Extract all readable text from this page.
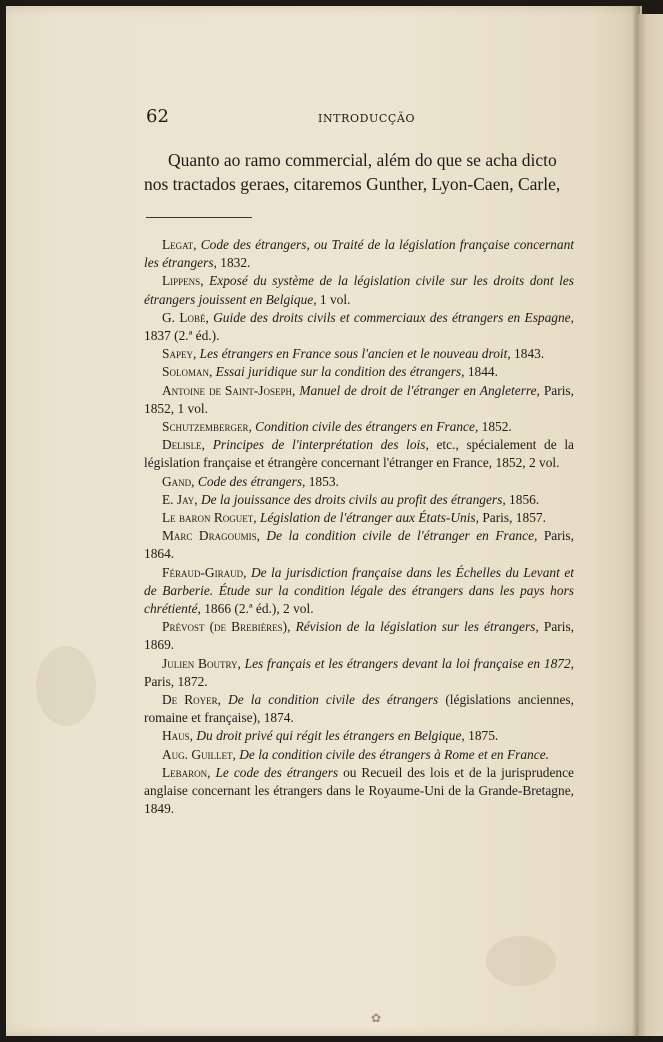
62	INTRODUCÇÃO

Quanto ao ramo commercial, além do que se acha dicto
nos tractados geraes, citaremos Gunther, Lyon-Caen, Carle,

Legat, Code des étrangers, ou Traité de la législation française concernant les étrangers, 1832.
Lippens, Exposé du système de la législation civile sur les droits dont les étrangers jouissent en Belgique, 1 vol.
G. Lobé, Guide des droits civils et commerciaux des étrangers en Espagne, 1837 (2.ª éd.).
Sapey, Les étrangers en France sous l'ancien et le nouveau droit, 1843.
Soloman, Essai juridique sur la condition des étrangers, 1844.
Antoine de Saint-Joseph, Manuel de droit de l'étranger en Angleterre, Paris, 1852, 1 vol.
Schutzemberger, Condition civile des étrangers en France, 1852.
Delisle, Principes de l'interprétation des lois, etc., spécialement de la législation française et étrangère concernant l'étranger en France, 1852, 2 vol.
Gand, Code des étrangers, 1853.
E. Jay, De la jouissance des droits civils au profit des étrangers, 1856.
Le baron Roguet, Législation de l'étranger aux États-Unis, Paris, 1857.
Marc Dragoumis, De la condition civile de l'étranger en France, Paris, 1864.
Féraud-Giraud, De la jurisdiction française dans les Échelles du Levant et de Barberie. Étude sur la condition légale des étrangers dans les pays hors chrétienté, 1866 (2.ª éd.), 2 vol.
Prévost (de Brebières), Révision de la législation sur les étrangers, Paris, 1869.
Julien Boutry, Les français et les étrangers devant la loi française en 1872, Paris, 1872.
De Royer, De la condition civile des étrangers (législations anciennes, romaine et française), 1874.
Haus, Du droit privé qui régit les étrangers en Belgique, 1875.
Aug. Guillet, De la condition civile des étrangers à Rome et en France.
Lebaron, Le code des étrangers ou Recueil des lois et de la jurisprudence anglaise concernant les étrangers dans le Royaume-Uni de la Grande-Bretagne, 1849.
✿
